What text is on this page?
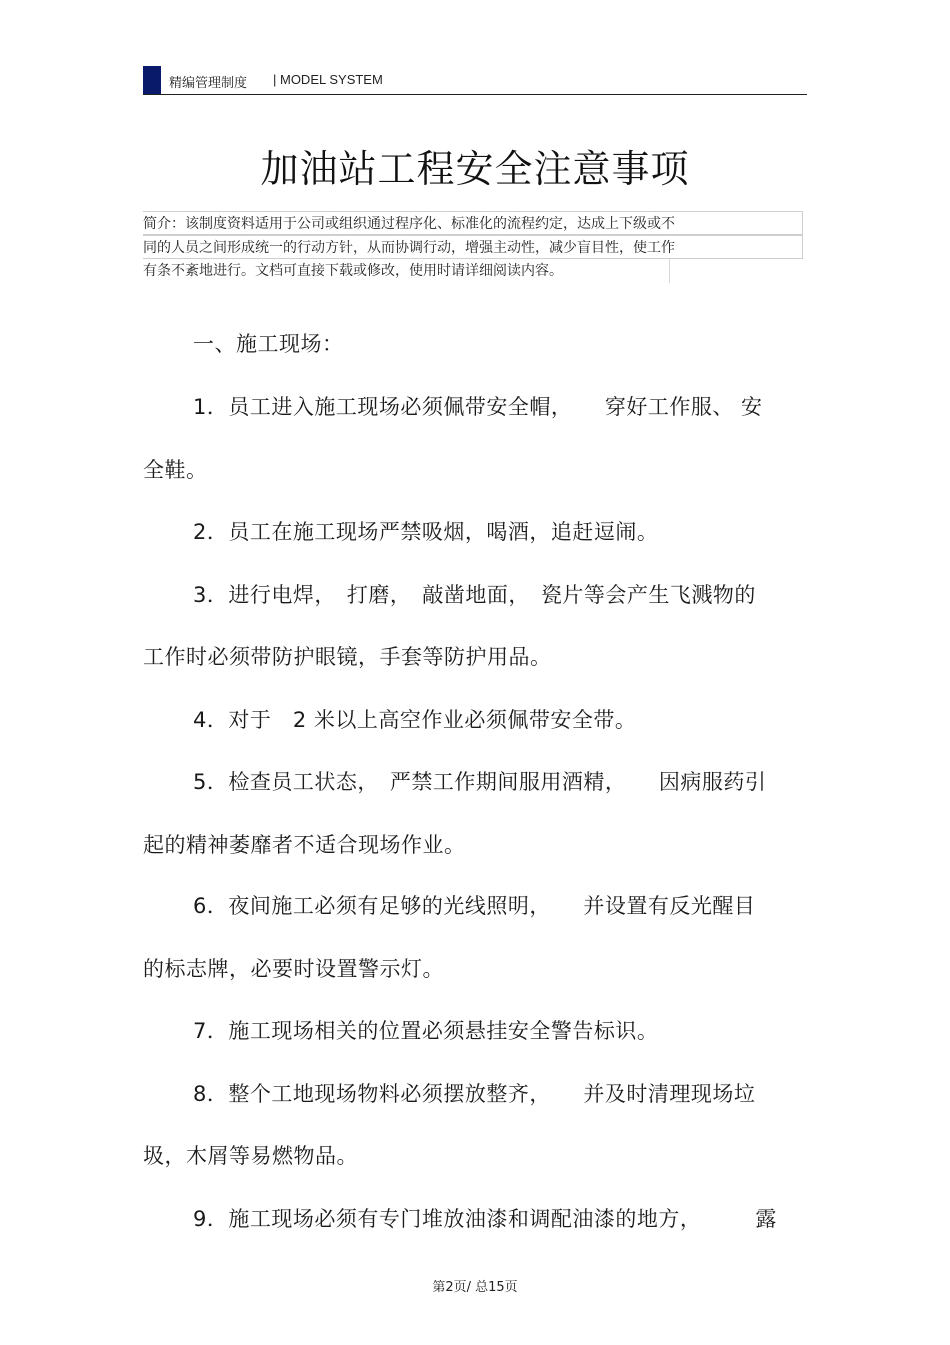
精编管理制度 | MODEL SYSTEM
加油站工程安全注意事项
简介：该制度资料适用于公司或组织通过程序化、标准化的流程约定，达成上下级或不
同的人员之间形成统一的行动方针，从而协调行动，增强主动性，减少盲目性，使工作
有条不紊地进行。文档可直接下载或修改，使用时请详细阅读内容。
一、施工现场：
1．员工进入施工现场必须佩带安全帽，　　穿好工作服、 安
全鞋。
2．员工在施工现场严禁吸烟，喝酒，追赶逗闹。
3．进行电焊，　打磨，　敲凿地面，　瓷片等会产生飞溅物的
工作时必须带防护眼镜，手套等防护用品。
4．对于　2 米以上高空作业必须佩带安全带。
5．检查员工状态，　严禁工作期间服用酒精，　　因病服药引
起的精神萎靡者不适合现场作业。
6．夜间施工必须有足够的光线照明，　　并设置有反光醒目
的标志牌，必要时设置警示灯。
7．施工现场相关的位置必须悬挂安全警告标识。
8．整个工地现场物料必须摆放整齐，　　并及时清理现场垃
圾，木屑等易燃物品。
9．施工现场必须有专门堆放油漆和调配油漆的地方，　　　露
第2页/ 总15页
